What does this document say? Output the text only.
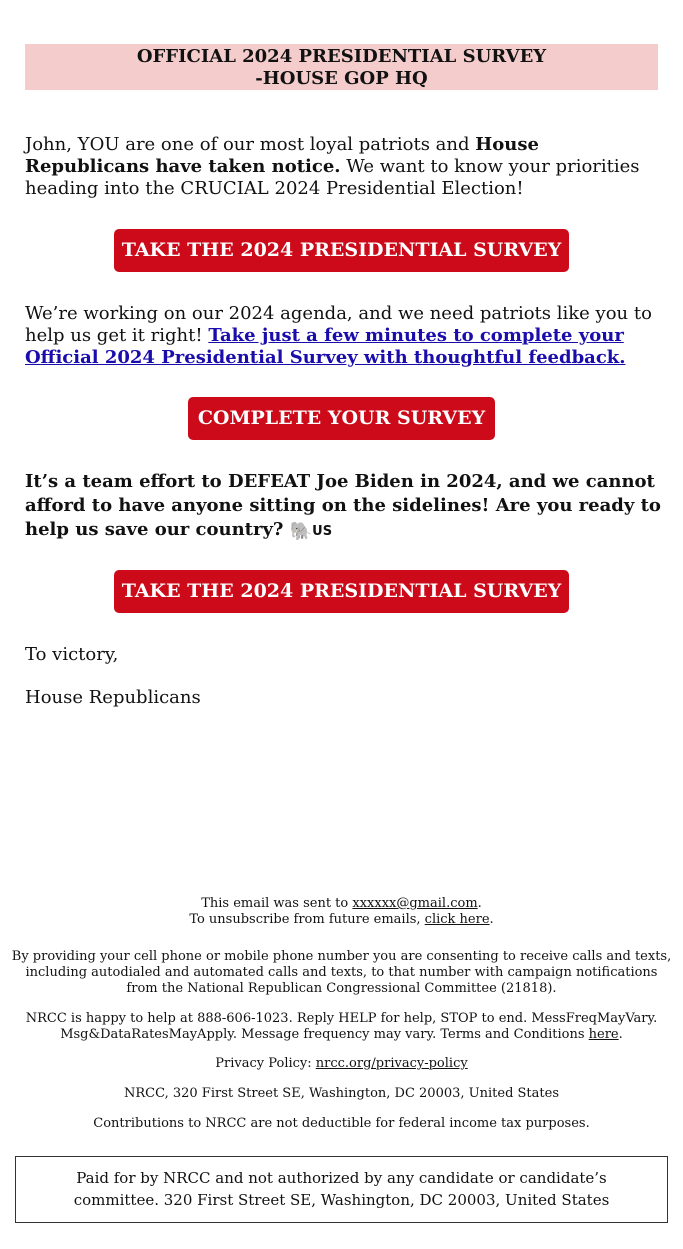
OFFICIAL 2024 PRESIDENTIAL SURVEY
-HOUSE GOP HQ
John, YOU are one of our most loyal patriots and House Republicans have taken notice. We want to know your priorities heading into the CRUCIAL 2024 Presidential Election!
TAKE THE 2024 PRESIDENTIAL SURVEY
We’re working on our 2024 agenda, and we need patriots like you to help us get it right! Take just a few minutes to complete your Official 2024 Presidential Survey with thoughtful feedback.
COMPLETE YOUR SURVEY
It’s a team effort to DEFEAT Joe Biden in 2024, and we cannot afford to have anyone sitting on the sidelines! Are you ready to help us save our country? 🐘US
TAKE THE 2024 PRESIDENTIAL SURVEY
To victory,
House Republicans
This email was sent to xxxxxx@gmail.com.
To unsubscribe from future emails, click here.
By providing your cell phone or mobile phone number you are consenting to receive calls and texts, including autodialed and automated calls and texts, to that number with campaign notifications from the National Republican Congressional Committee (21818).
NRCC is happy to help at 888-606-1023. Reply HELP for help, STOP to end. MessFreqMayVary. Msg&DataRatesMayApply. Message frequency may vary. Terms and Conditions here.
Privacy Policy: nrcc.org/privacy-policy
NRCC, 320 First Street SE, Washington, DC 20003, United States
Contributions to NRCC are not deductible for federal income tax purposes.
Paid for by NRCC and not authorized by any candidate or candidate’s committee. 320 First Street SE, Washington, DC 20003, United States
